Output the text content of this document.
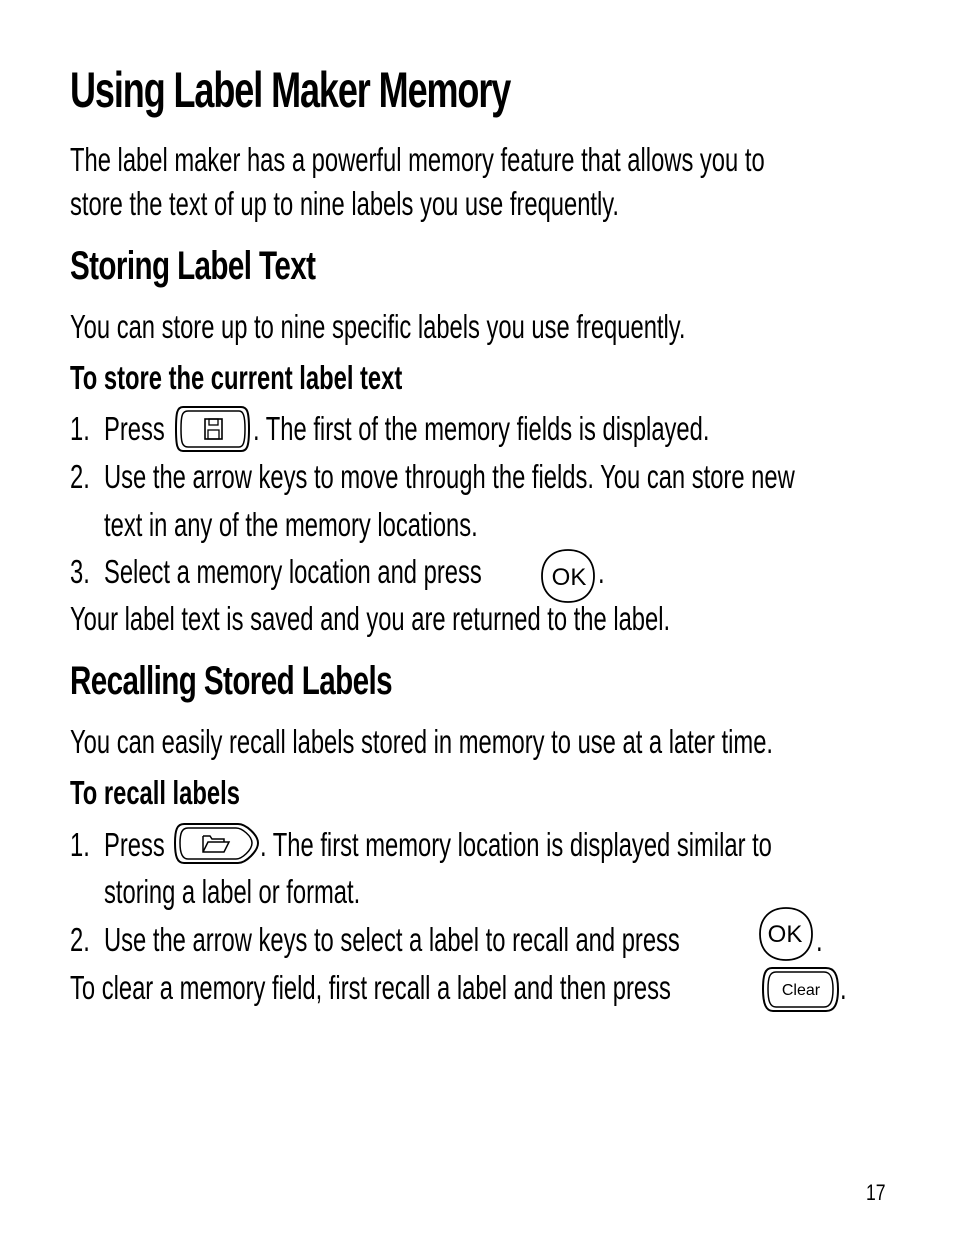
Using Label Maker Memory
The label maker has a powerful memory feature that allows you to
store the text of up to nine labels you use frequently.
Storing Label Text
You can store up to nine specific labels you use frequently.
To store the current label text
1. Press	. The first of the memory fields is displayed.
2. Use the arrow keys to move through the fields. You can store new
text in any of the memory locations.
3. Select a memory location and press	OK .
Your label text is saved and you are returned to the label.
Recalling Stored Labels
You can easily recall labels stored in memory to use at a later time.
To recall labels
1. Press	. The first memory location is displayed similar to
storing a label or format.
2. Use the arrow keys to select a label to recall and press	OK .
To clear a memory field, first recall a label and then press	Clear .
17
